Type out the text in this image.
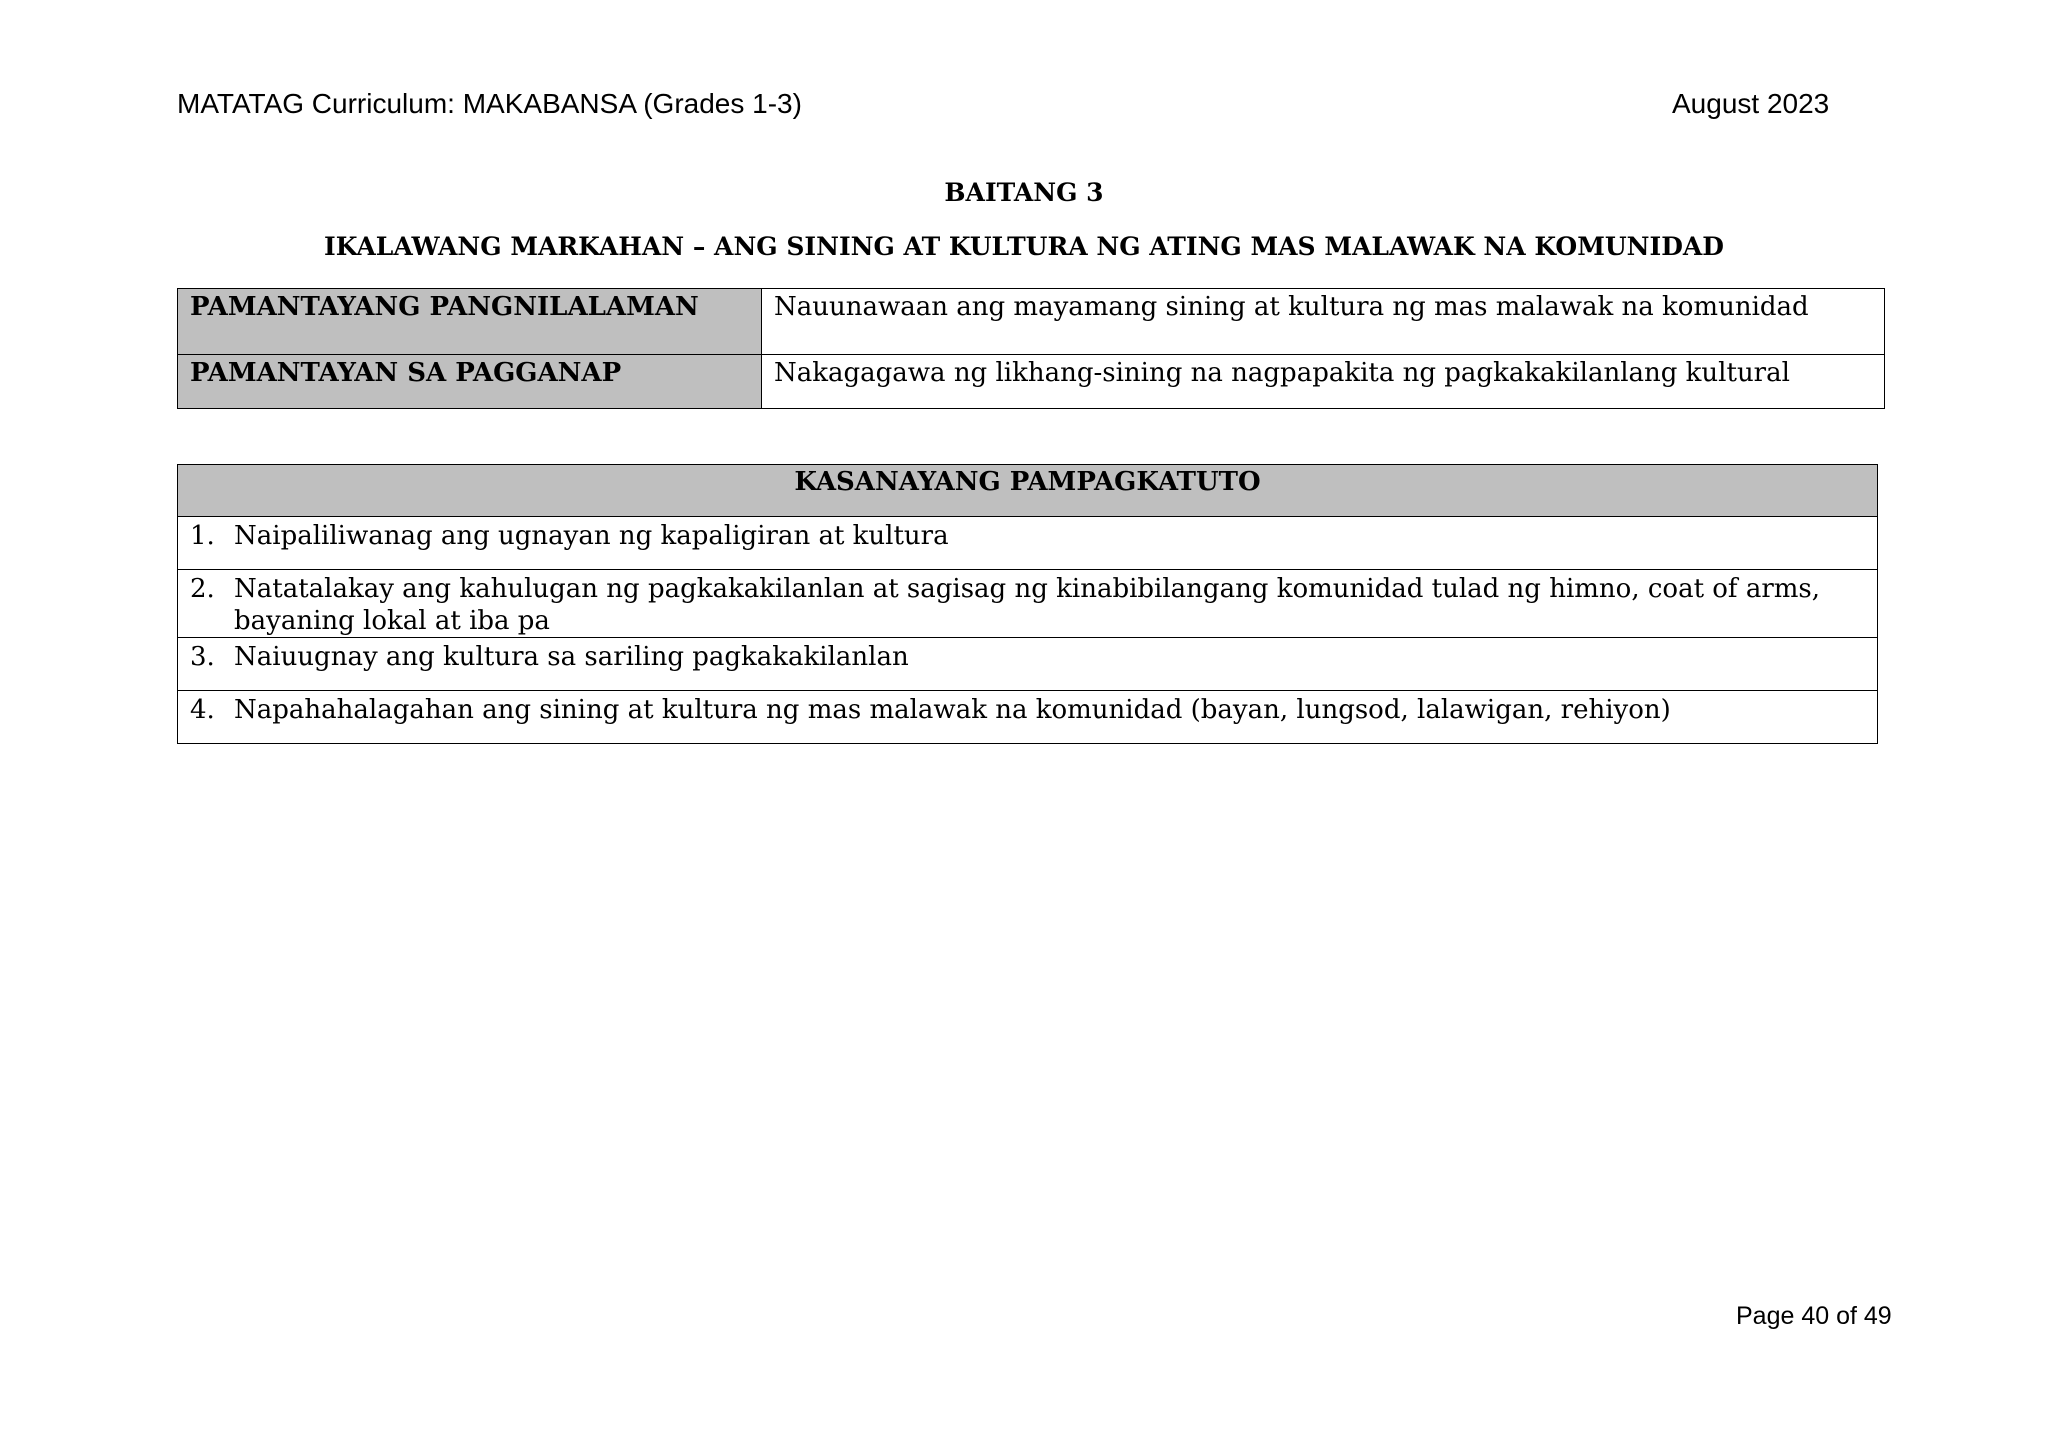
MATATAG Curriculum: MAKABANSA (Grades 1-3)	August 2023
BAITANG 3
IKALAWANG MARKAHAN – ANG SINING AT KULTURA NG ATING MAS MALAWAK NA KOMUNIDAD
PAMANTAYANG PANGNILALAMAN	Nauunawaan ang mayamang sining at kultura ng mas malawak na komunidad
PAMANTAYAN SA PAGGANAP	Nakagagawa ng likhang-sining na nagpapakita ng pagkakakilanlang kultural
KASANAYANG PAMPAGKATUTO

1. Naipaliliwanag ang ugnayan ng kapaligiran at kultura

2. Natatalakay ang kahulugan ng pagkakakilanlan at sagisag ng kinabibilangang komunidad tulad ng himno, coat of arms, bayaning lokal at iba pa

3. Naiuugnay ang kultura sa sariling pagkakakilanlan

4. Napahahalagahan ang sining at kultura ng mas malawak na komunidad (bayan, lungsod, lalawigan, rehiyon)
Page 40 of 49
